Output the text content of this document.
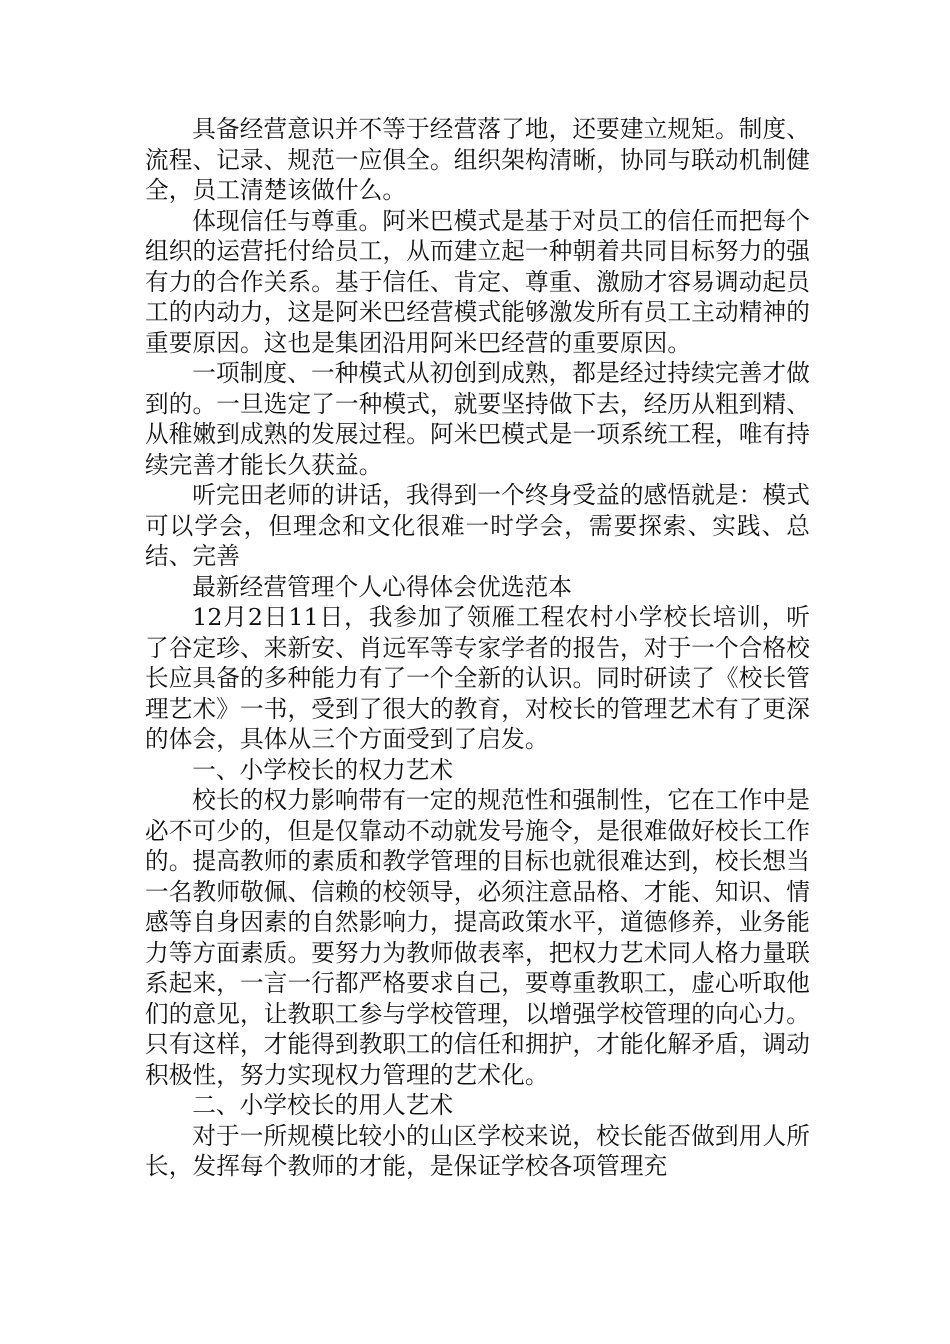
具备经营意识并不等于经营落了地，还要建立规矩。制度、流程、记录、规范一应俱全。组织架构清晰，协同与联动机制健全，员工清楚该做什么。

体现信任与尊重。阿米巴模式是基于对员工的信任而把每个组织的运营托付给员工，从而建立起一种朝着共同目标努力的强有力的合作关系。基于信任、肯定、尊重、激励才容易调动起员工的内动力，这是阿米巴经营模式能够激发所有员工主动精神的重要原因。这也是集团沿用阿米巴经营的重要原因。

一项制度、一种模式从初创到成熟，都是经过持续完善才做到的。一旦选定了一种模式，就要坚持做下去，经历从粗到精、从稚嫩到成熟的发展过程。阿米巴模式是一项系统工程，唯有持续完善才能长久获益。

听完田老师的讲话，我得到一个终身受益的感悟就是：模式可以学会，但理念和文化很难一时学会，需要探索、实践、总结、完善

最新经营管理个人心得体会优选范本

12月2日11日，我参加了领雁工程农村小学校长培训，听了谷定珍、来新安、肖远军等专家学者的报告，对于一个合格校长应具备的多种能力有了一个全新的认识。同时研读了《校长管理艺术》一书，受到了很大的教育，对校长的管理艺术有了更深的体会，具体从三个方面受到了启发。

一、小学校长的权力艺术

校长的权力影响带有一定的规范性和强制性，它在工作中是必不可少的，但是仅靠动不动就发号施令，是很难做好校长工作的。提高教师的素质和教学管理的目标也就很难达到，校长想当一名教师敬佩、信赖的校领导，必须注意品格、才能、知识、情感等自身因素的自然影响力，提高政策水平，道德修养，业务能力等方面素质。要努力为教师做表率，把权力艺术同人格力量联系起来，一言一行都严格要求自己，要尊重教职工，虚心听取他们的意见，让教职工参与学校管理，以增强学校管理的向心力。只有这样，才能得到教职工的信任和拥护，才能化解矛盾，调动积极性，努力实现权力管理的艺术化。

二、小学校长的用人艺术

对于一所规模比较小的山区学校来说，校长能否做到用人所长，发挥每个教师的才能，是保证学校各项管理充
